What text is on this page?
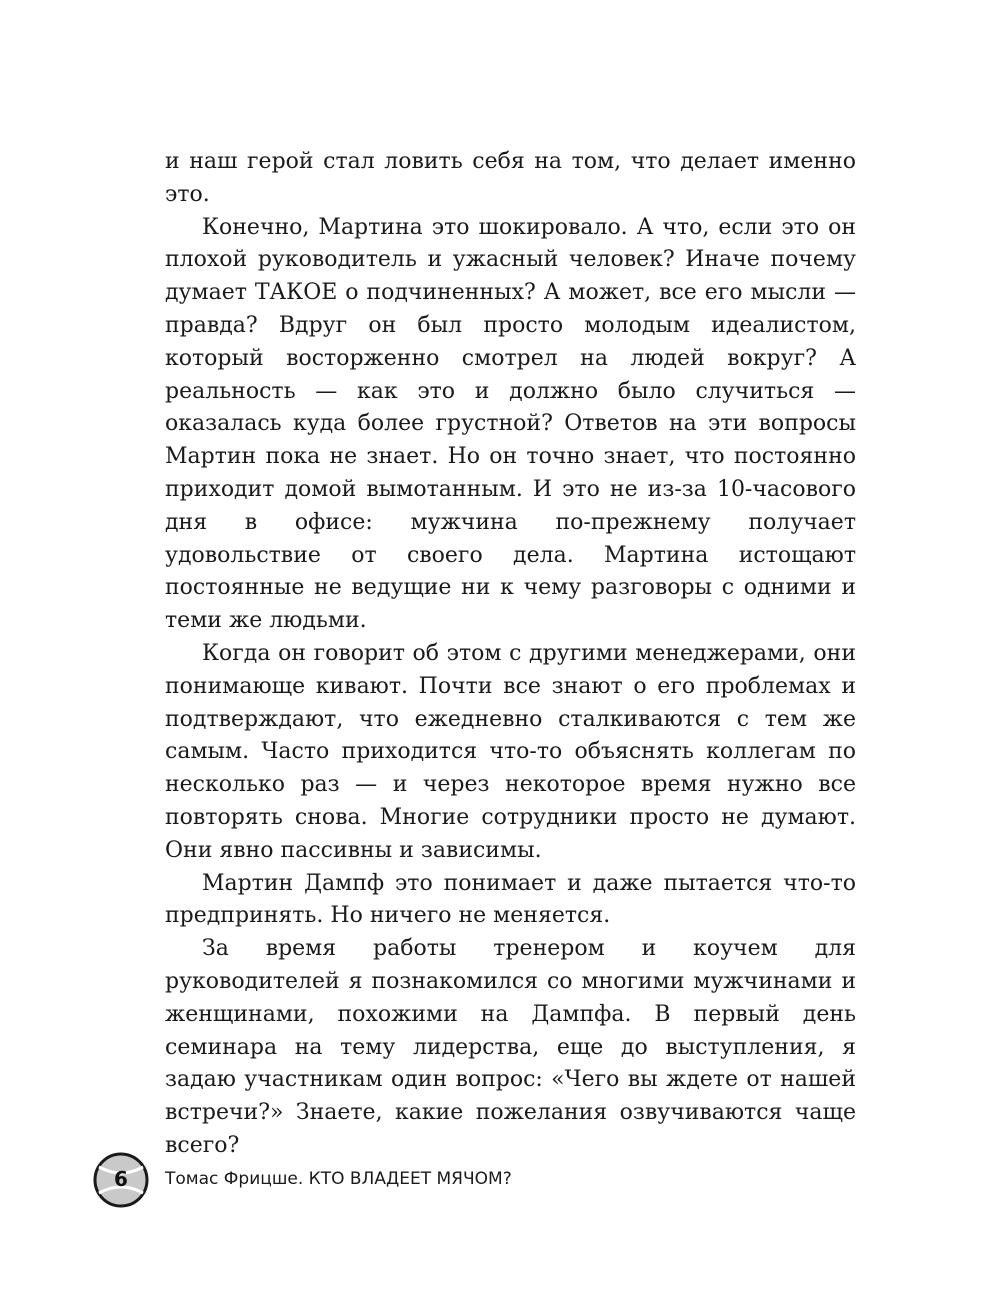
и наш герой стал ловить себя на том, что делает именно это.

Конечно, Мартина это шокировало. А что, если это он плохой руководитель и ужасный человек? Иначе почему думает ТАКОЕ о подчиненных? А может, все его мысли — правда? Вдруг он был просто молодым идеалистом, который восторженно смотрел на людей вокруг? А реальность — как это и должно было случиться — оказалась куда более грустной? Ответов на эти вопросы Мартин пока не знает. Но он точно знает, что постоянно приходит домой вымотанным. И это не из-за 10-часового дня в офисе: мужчина по-прежнему получает удовольствие от своего дела. Мартина истощают постоянные не ведущие ни к чему разговоры с одними и теми же людьми.

Когда он говорит об этом с другими менеджерами, они понимающе кивают. Почти все знают о его проблемах и подтверждают, что ежедневно сталкиваются с тем же самым. Часто приходится что-то объяснять коллегам по несколько раз — и через некоторое время нужно все повторять снова. Многие сотрудники просто не думают. Они явно пассивны и зависимы.

Мартин Дампф это понимает и даже пытается что-то предпринять. Но ничего не меняется.

За время работы тренером и коучем для руководителей я познакомился со многими мужчинами и женщинами, похожими на Дампфа. В первый день семинара на тему лидерства, еще до выступления, я задаю участникам один вопрос: «Чего вы ждете от нашей встречи?» Знаете, какие пожелания озвучиваются чаще всего?

6	Томас Фрицше. КТО ВЛАДЕЕТ МЯЧОМ?
